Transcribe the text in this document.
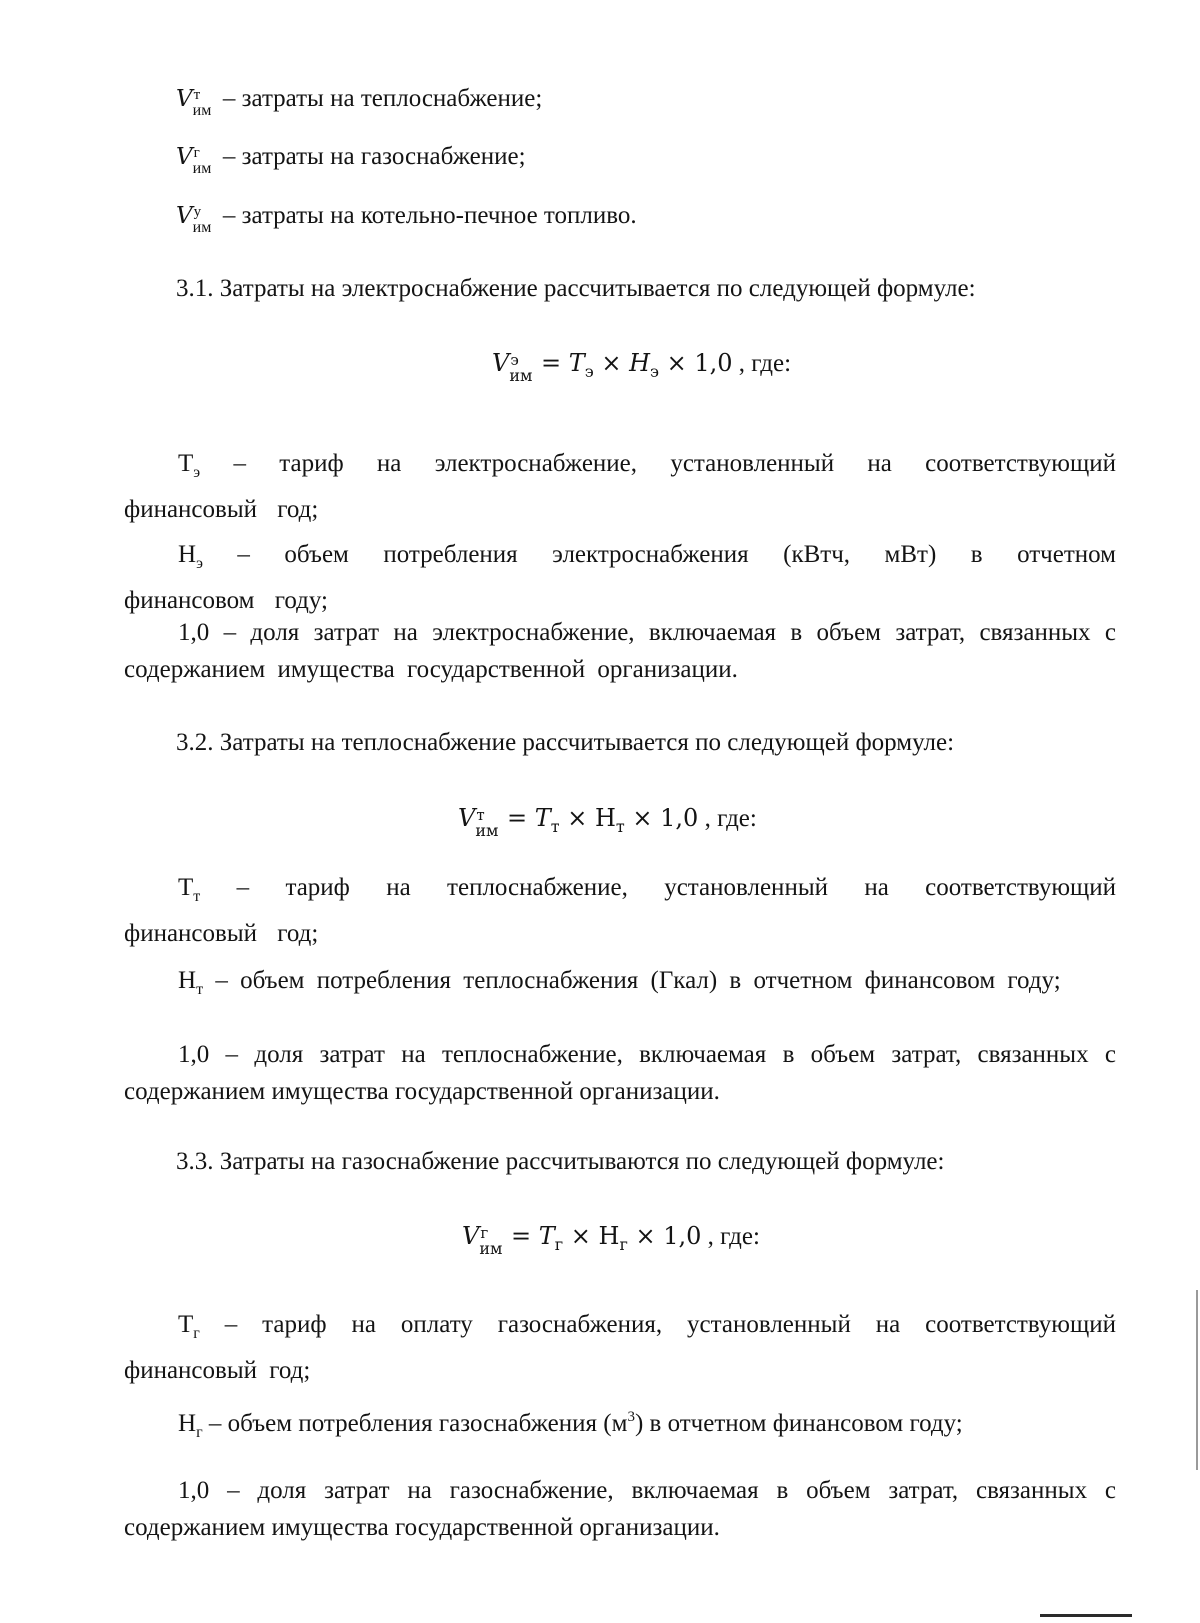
V т
им – затраты на теплоснабжение;
V г
им – затраты на газоснабжение;
V у
им – затраты на котельно-печное топливо.
3.1. Затраты на электроснабжение рассчитывается по следующей формуле:
V э
им = $T_э \times H_э \times 1,0$ , где:
$Т_э$ – тариф на электроснабжение, установленный на соответствующий финансовый год;
$Н_э$ – объем потребления электроснабжения (кВтч, мВт) в отчетном финансовом году;
1,0 – доля затрат на электроснабжение, включаемая в объем затрат, связанных с содержанием имущества государственной организации.
3.2. Затраты на теплоснабжение рассчитывается по следующей формуле:
V т
им = $T_т \times Н_т \times 1,0$ , где:
$Т_т$ – тариф на теплоснабжение, установленный на соответствующий финансовый год;
$Н_т$ – объем потребления теплоснабжения (Гкал) в отчетном финансовом году;
1,0 – доля затрат на теплоснабжение, включаемая в объем затрат, связанных с содержанием имущества государственной организации.
3.3. Затраты на газоснабжение рассчитываются по следующей формуле:
V г
им = $T_г \times Н_г \times 1,0$ , где:
$Т_г$ – тариф на оплату газоснабжения, установленный на соответствующий финансовый год;
$Н_г$ – объем потребления газоснабжения $(м^3)$ в отчетном финансовом году;
1,0 – доля затрат на газоснабжение, включаемая в объем затрат, связанных с содержанием имущества государственной организации.
